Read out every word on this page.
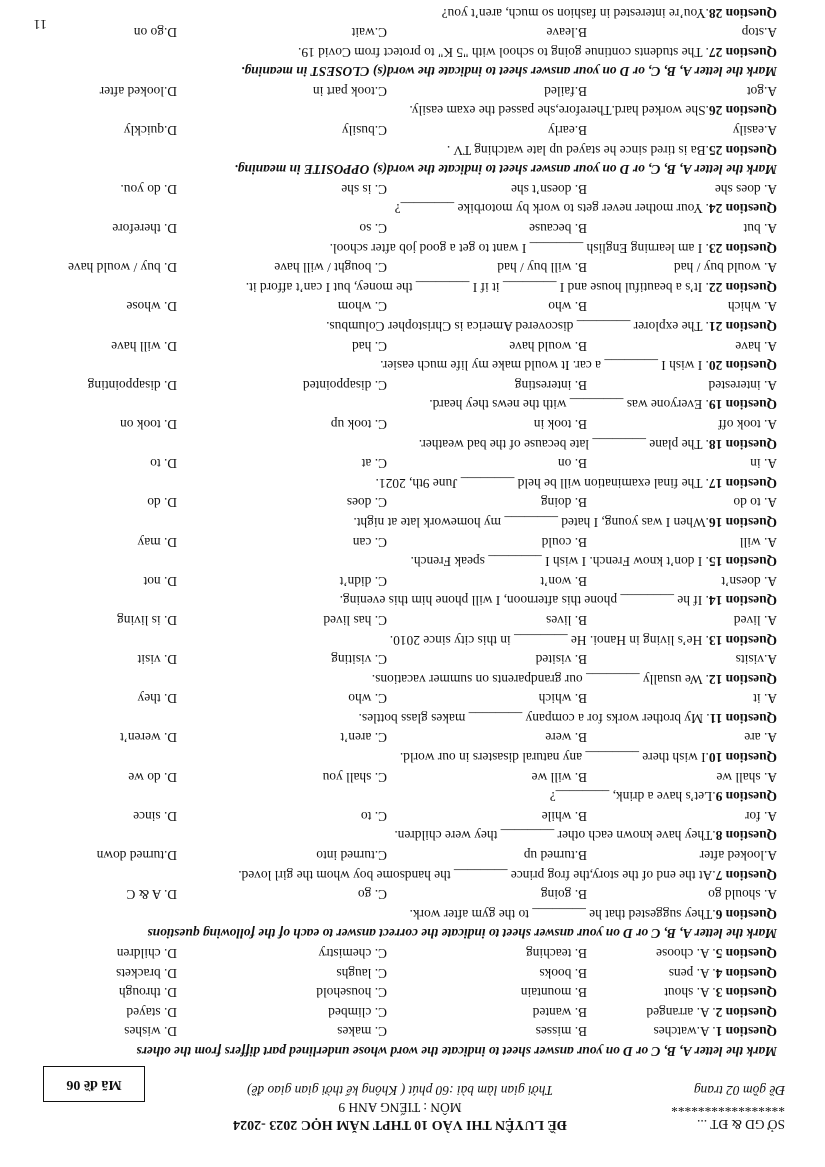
SỞ GD & ĐT ...
*****************
Đề gồm 02 trang
ĐỀ LUYỆN THI VÀO 10 THPT NĂM HỌC 2023 -2024
MÔN : TIẾNG ANH 9
Thời gian làm bài :60 phút ( Không kể thời gian giao đề)
Mã đề 06
Mark the letter A, B, C or D on your answer sheet to indicate the word whose underlined part differs from the others
Question 1. A.watches
B. misses
C. makes
D. wishes
Question 2. A. arranged
B. wanted
C. climbed
D. stayed
Question 3. A. shout
B. mountain
C. household
D. through
Question 4. A. pens
B. books
C. laughs
D. brackets
Question 5. A. choose
B. teaching
C. chemistry
D. children
Mark the letter A, B, C or D on your answer sheet to indicate the correct answer to each of the following questions
Question 6.They suggested that he ________ to the gym after work.
A. should go
B. going
C. go
D. A & C
Question 7.At the end of the story,the frog prince ________ the handsome boy whom the girl loved.
A.looked after
B.turned up
C.turned into
D.turned down
Question 8.They have known each other ________ they were children.
A. for
B. while
C. to
D. since
Question 9.Let’s have a drink, ________?
A. shall we
B. will we
C. shall you
D. do we
Question 10.I wish there ________ any natural disasters in our world.
A. are
B. were
C. aren’t
D. weren’t
Question 11. My brother works for a company ________ makes glass bottles.
A. it
B. which
C. who
D. they
Question 12. We usually ________ our grandparents on summer vacations.
A.visits
B. visited
C. visiting
D. visit
Question 13. He’s living in Hanoi. He ________ in this city since 2010.
A. lived
B. lives
C. has lived
D. is living
Question 14. If he ________ phone this afternoon, I will phone him this evening.
A. doesn’t
B. won’t
C. didn’t
D. not
Question 15. I don’t know French. I wish I ________ speak French.
A. will
B. could
C. can
D. may
Question 16.When I was young, I hated ________ my homework late at night.
A. to do
B. doing
C. does
D. do
Question 17. The final examination will be held ________ June 9th, 2021.
A. in
B. on
C. at
D. to
Question 18. The plane ________ late because of the bad weather.
A. took off
B. took in
C. took up
D. took on
Question 19. Everyone was ________ with the news they heard.
A. interested
B. interesting
C. disappointed
D. disappointing
Question 20. I wish I ________ a car. It would make my life much easier.
A. have
B. would have
C. had
D. will have
Question 21. The explorer ________ discovered America is Christopher Columbus.
A. which
B. who
C. whom
D. whose
Question 22. It’s a beautiful house and I ________ it if I ________ the money, but I can’t afford it.
A. would buy / had
B. will buy / had
C. bought / will have
D. buy / would have
Question 23. I am learning English ________ I want to get a good job after school.
A. but
B. because
C. so
D. therefore
Question 24. Your mother never gets to work by motorbike ________?
A. does she
B. doesn’t she
C. is she
D. do you.
Mark the letter A, B, C, or D on your answer sheet to indicate the word(s) OPPOSITE in meaning.
Question 25.Ba is tired since he stayed up late watching TV .
A.easily
B.early
C.busily
D.quickly
Question 26.She worked hard.Therefore,she passed the exam easily.
A.got
B.failed
C.took part in
D.looked after
Mark the letter A, B, C, or D on your answer sheet to indicate the word(s) CLOSEST in meaning.
Question 27. The students continue going to school with "5 K" to protect from Covid 19.
A.stop
B.leave
C.wait
D.go on
Question 28.You’re interested in fashion so much, aren’t you?
11
